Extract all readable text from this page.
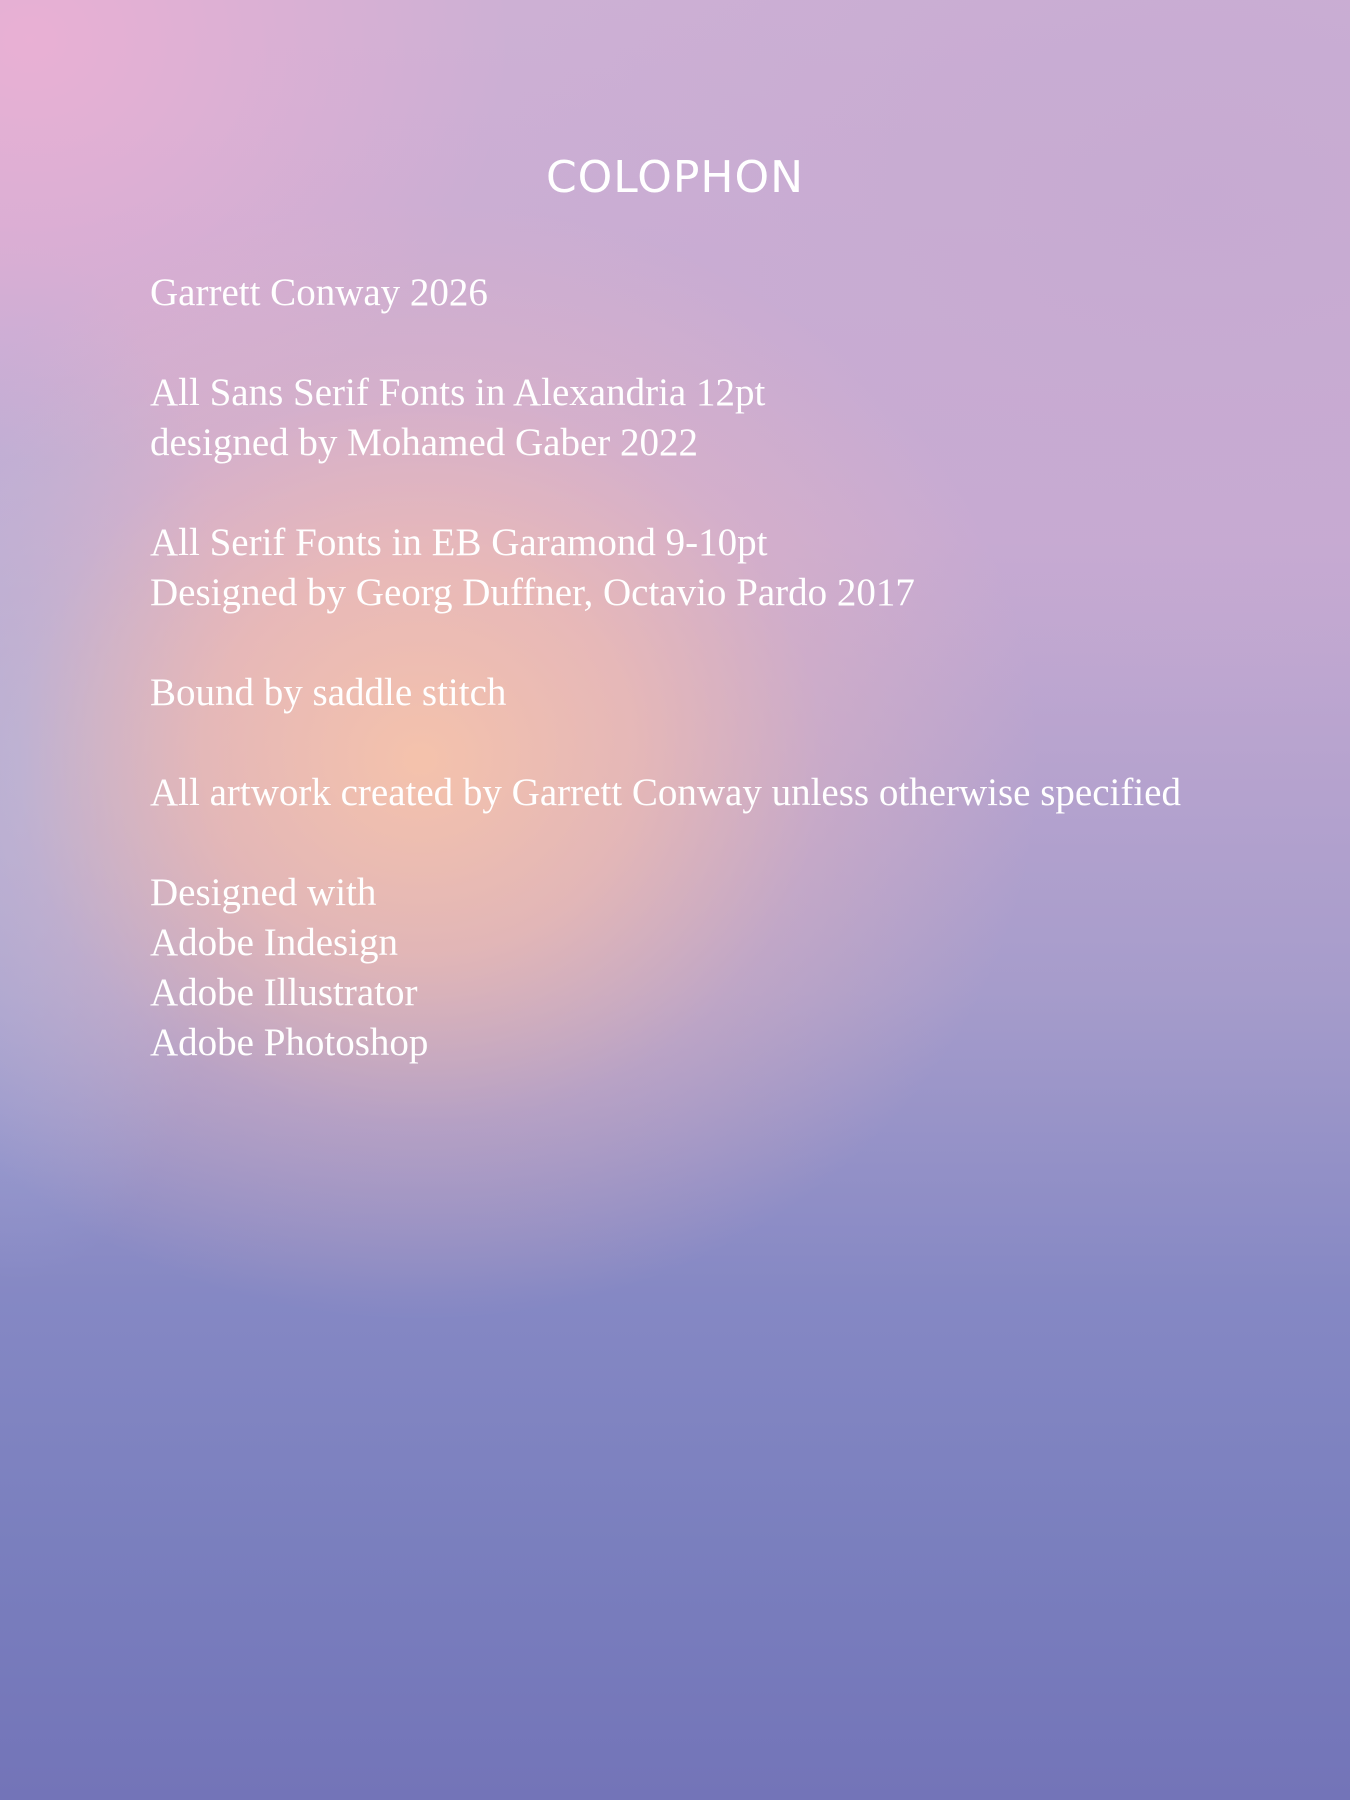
COLOPHON
Garrett Conway 2026
All Sans Serif Fonts in Alexandria 12pt
designed by Mohamed Gaber 2022
All Serif Fonts in EB Garamond 9-10pt
Designed by Georg Duffner, Octavio Pardo 2017
Bound by saddle stitch
All artwork created by Garrett Conway unless otherwise specified
Designed with
Adobe Indesign
Adobe Illustrator
Adobe Photoshop
